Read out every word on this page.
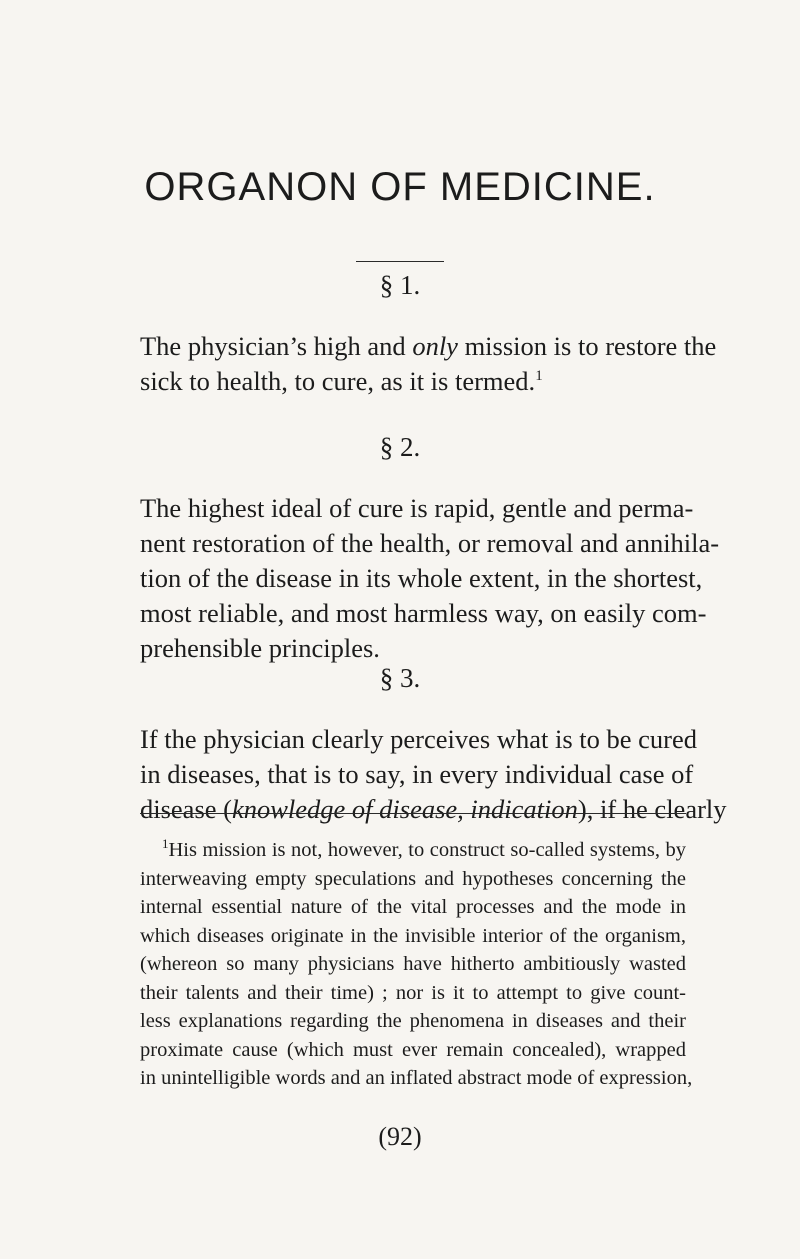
ORGANON OF MEDICINE.
§ 1.
The physician’s high and only mission is to restore the
sick to health, to cure, as it is termed.$^1$
§ 2.
The highest ideal of cure is rapid, gentle and perma-
nent restoration of the health, or removal and annihila-
tion of the disease in its whole extent, in the shortest,
most reliable, and most harmless way, on easily com-
prehensible principles.
§ 3.
If the physician clearly perceives what is to be cured
in diseases, that is to say, in every individual case of
disease (knowledge of disease, indication), if he clearly
$^1$His mission is not, however, to construct so-called systems, by
interweaving empty speculations and hypotheses concerning the
internal essential nature of the vital processes and the mode in
which diseases originate in the invisible interior of the organism,
(whereon so many physicians have hitherto ambitiously wasted
their talents and their time) ; nor is it to attempt to give count-
less explanations regarding the phenomena in diseases and their
proximate cause (which must ever remain concealed), wrapped
in unintelligible words and an inflated abstract mode of expression,
(92)
